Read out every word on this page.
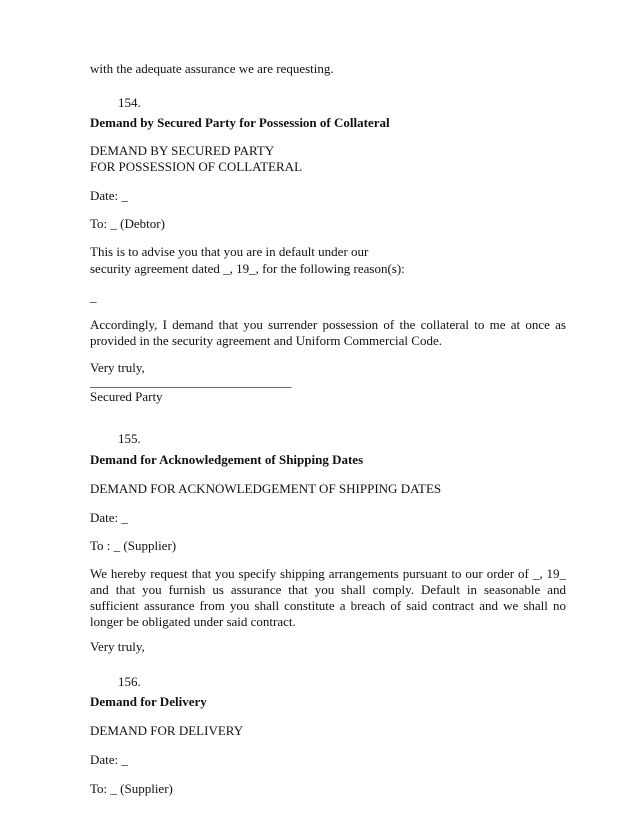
with the adequate assurance we are requesting.
154.
Demand by Secured Party for Possession of Collateral
DEMAND BY SECURED PARTY
FOR POSSESSION OF COLLATERAL
Date: _
To: _ (Debtor)
This is to advise you that you are in default under our
security agreement dated _, 19_, for the following reason(s):
_
Accordingly, I demand that you surrender possession of the collateral to me at once as provided in the security agreement and Uniform Commercial Code.
Very truly,
_______________________________
Secured Party
155.
Demand for Acknowledgement of Shipping Dates
DEMAND FOR ACKNOWLEDGEMENT OF SHIPPING DATES
Date: _
To : _ (Supplier)
We hereby request that you specify shipping arrangements pursuant to our order of _, 19_ and that you furnish us assurance that you shall comply. Default in seasonable and sufficient assurance from you shall constitute a breach of said contract and we shall no longer be obligated under said contract.
Very truly,
156.
Demand for Delivery
DEMAND FOR DELIVERY
Date: _
To: _ (Supplier)
